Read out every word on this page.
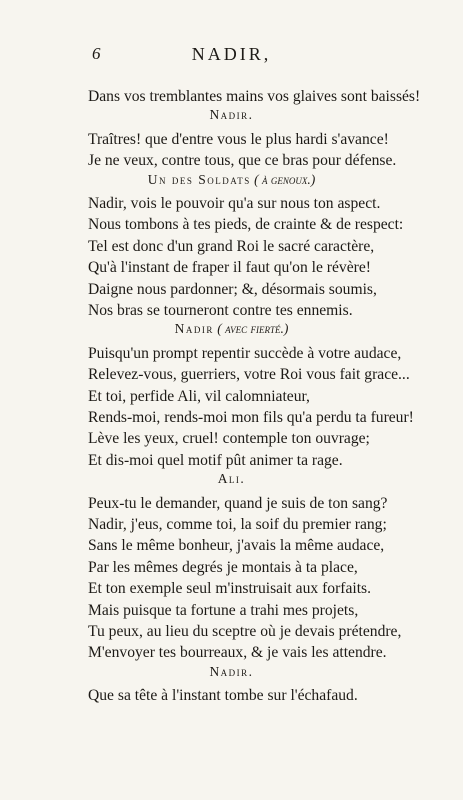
6	NADIR,
Dans vos tremblantes mains vos glaives sont baissés!
Nadir.
Traîtres! que d'entre vous le plus hardi s'avance!
Je ne veux, contre tous, que ce bras pour défense.
Un des Soldats ( à genoux.)
Nadir, vois le pouvoir qu'a sur nous ton aspect.
Nous tombons à tes pieds, de crainte & de respect:
Tel est donc d'un grand Roi le sacré caractère,
Qu'à l'instant de fraper il faut qu'on le révère!
Daigne nous pardonner; &, désormais soumis,
Nos bras se tourneront contre tes ennemis.
Nadir ( avec fierté.)
Puisqu'un prompt repentir succède à votre audace,
Relevez-vous, guerriers, votre Roi vous fait grace...
Et toi, perfide Ali, vil calomniateur,
Rends-moi, rends-moi mon fils qu'a perdu ta fureur!
Lève les yeux, cruel! contemple ton ouvrage;
Et dis-moi quel motif pût animer ta rage.
Ali.
Peux-tu le demander, quand je suis de ton sang?
Nadir, j'eus, comme toi, la soif du premier rang;
Sans le même bonheur, j'avais la même audace,
Par les mêmes degrés je montais à ta place,
Et ton exemple seul m'instruisait aux forfaits.
Mais puisque ta fortune a trahi mes projets,
Tu peux, au lieu du sceptre où je devais prétendre,
M'envoyer tes bourreaux, & je vais les attendre.
Nadir.
Que sa tête à l'instant tombe sur l'échafaud.
